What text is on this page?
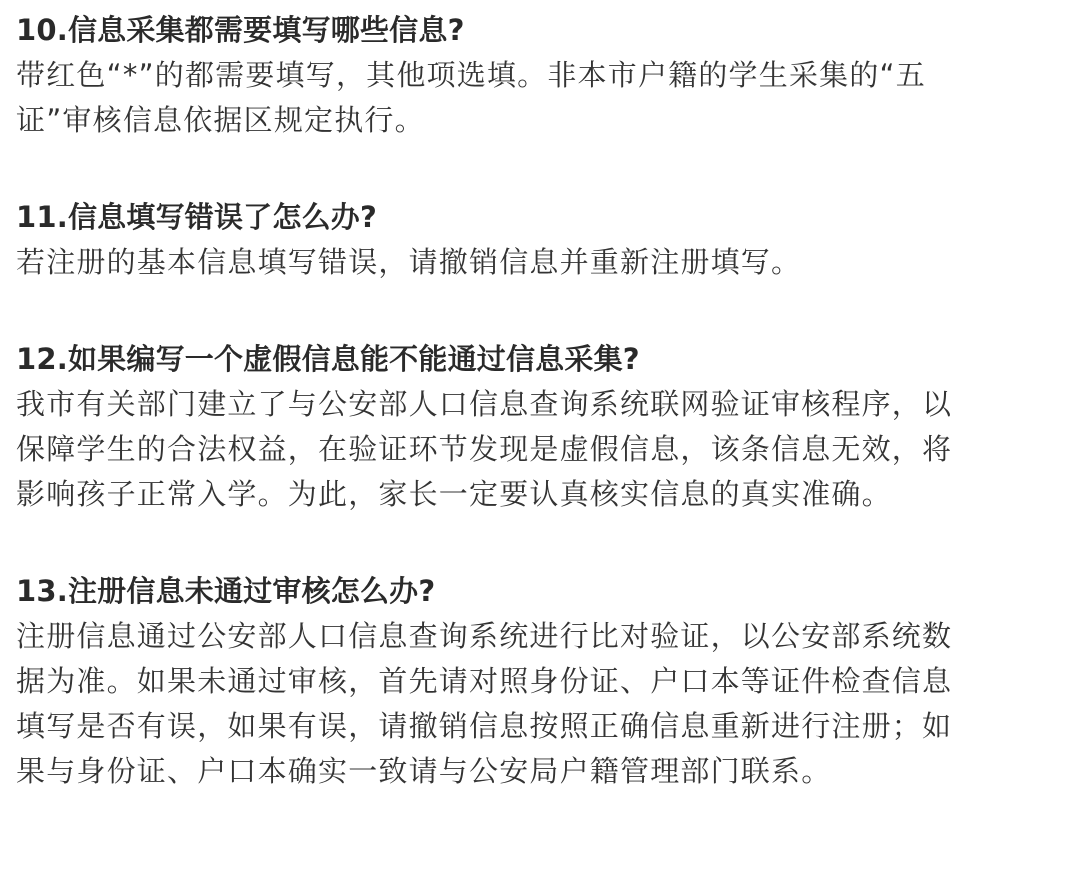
10.信息采集都需要填写哪些信息?

带红色“*”的都需要填写，其他项选填。非本市户籍的学生采集的“五
证”审核信息依据区规定执行。

11.信息填写错误了怎么办?

若注册的基本信息填写错误，请撤销信息并重新注册填写。

12.如果编写一个虚假信息能不能通过信息采集?

我市有关部门建立了与公安部人口信息查询系统联网验证审核程序，以
保障学生的合法权益，在验证环节发现是虚假信息，该条信息无效，将
影响孩子正常入学。为此，家长一定要认真核实信息的真实准确。

13.注册信息未通过审核怎么办?

注册信息通过公安部人口信息查询系统进行比对验证，以公安部系统数
据为准。如果未通过审核，首先请对照身份证、户口本等证件检查信息
填写是否有误，如果有误，请撤销信息按照正确信息重新进行注册；如
果与身份证、户口本确实一致请与公安局户籍管理部门联系。
